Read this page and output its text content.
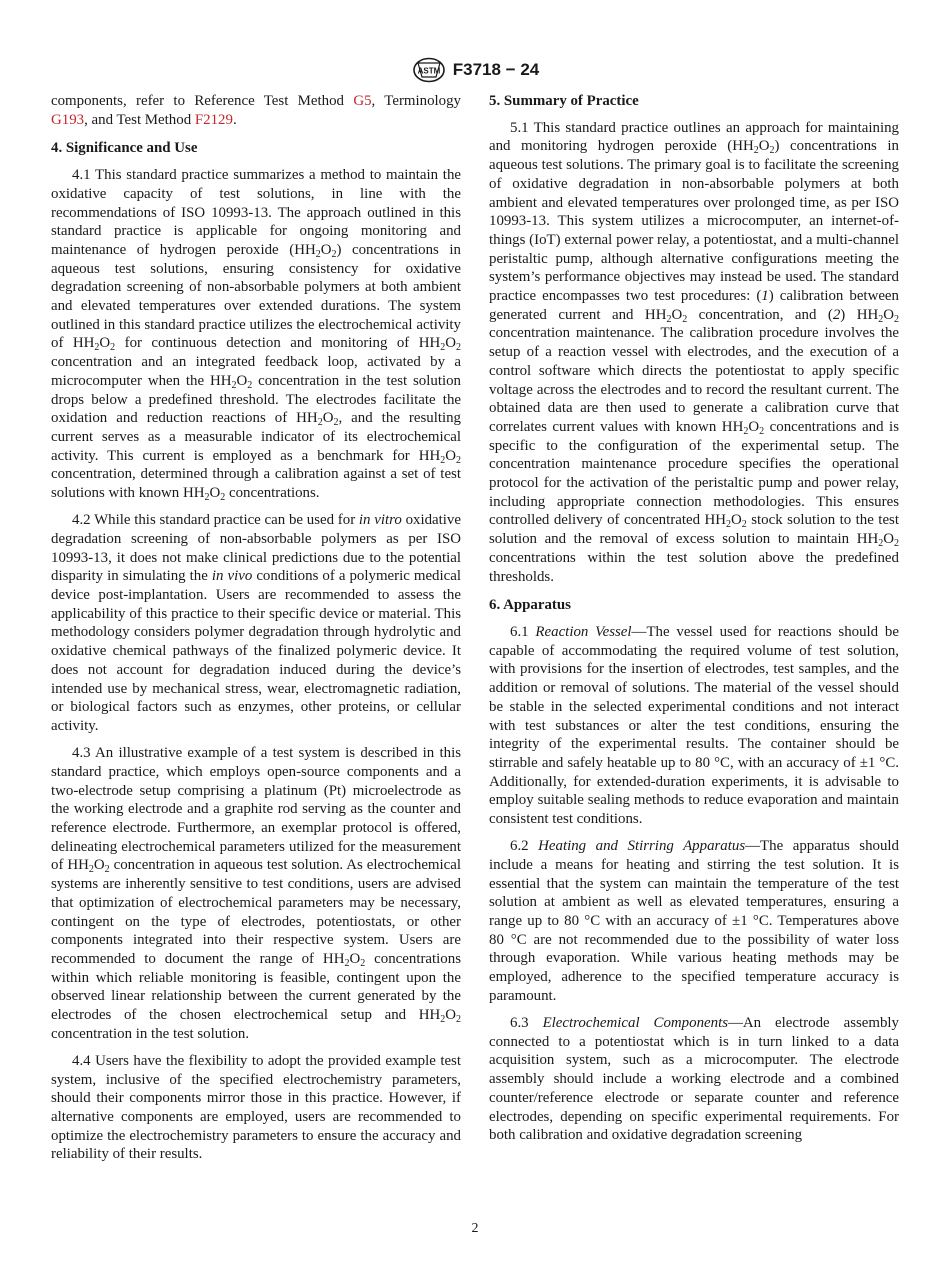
ASTM F3718 − 24

components, refer to Reference Test Method G5, Terminology G193, and Test Method F2129.

4. Significance and Use

4.1 This standard practice summarizes a method to maintain the oxidative capacity of test solutions, in line with the recommendations of ISO 10993-13. The approach outlined in this standard practice is applicable for ongoing monitoring and maintenance of hydrogen peroxide $(HH_2O_2)$ concentrations in aqueous test solutions, ensuring consistency for oxidative degradation screening of non-absorbable polymers at both ambient and elevated temperatures over extended durations. The system outlined in this standard practice utilizes the electrochemical activity of $HH_2O_2$ for continuous detection and monitoring of $HH_2O_2$ concentration and an integrated feedback loop, activated by a microcomputer when the $HH_2O_2$ concentration in the test solution drops below a predefined threshold. The electrodes facilitate the oxidation and reduction reactions of $HH_2O_2$, and the resulting current serves as a measurable indicator of its electrochemical activity. This current is employed as a benchmark for $HH_2O_2$ concentration, determined through a calibration against a set of test solutions with known $HH_2O_2$ concentrations.

4.2 While this standard practice can be used for in vitro oxidative degradation screening of non-absorbable polymers as per ISO 10993-13, it does not make clinical predictions due to the potential disparity in simulating the in vivo conditions of a polymeric medical device post-implantation. Users are recommended to assess the applicability of this practice to their specific device or material. This methodology considers polymer degradation through hydrolytic and oxidative chemical pathways of the finalized polymeric device. It does not account for degradation induced during the device’s intended use by mechanical stress, wear, electromagnetic radiation, or biological factors such as enzymes, other proteins, or cellular activity.

4.3 An illustrative example of a test system is described in this standard practice, which employs open-source components and a two-electrode setup comprising a platinum (Pt) microelectrode as the working electrode and a graphite rod serving as the counter and reference electrode. Furthermore, an exemplar protocol is offered, delineating electrochemical parameters utilized for the measurement of $HH_2O_2$ concentration in aqueous test solution. As electrochemical systems are inherently sensitive to test conditions, users are advised that optimization of electrochemical parameters may be necessary, contingent on the type of electrodes, potentiostats, or other components integrated into their respective system. Users are recommended to document the range of $HH_2O_2$ concentrations within which reliable monitoring is feasible, contingent upon the observed linear relationship between the current generated by the electrodes of the chosen electrochemical setup and $HH_2O_2$ concentration in the test solution.

4.4 Users have the flexibility to adopt the provided example test system, inclusive of the specified electrochemistry parameters, should their components mirror those in this practice. However, if alternative components are employed, users are recommended to optimize the electrochemistry parameters to ensure the accuracy and reliability of their results.

5. Summary of Practice

5.1 This standard practice outlines an approach for maintaining and monitoring hydrogen peroxide $(HH_2O_2)$ concentrations in aqueous test solutions. The primary goal is to facilitate the screening of oxidative degradation in non-absorbable polymers at both ambient and elevated temperatures over prolonged time, as per ISO 10993-13. This system utilizes a microcomputer, an internet-of-things (IoT) external power relay, a potentiostat, and a multi-channel peristaltic pump, although alternative configurations meeting the system’s performance objectives may instead be used. The standard practice encompasses two test procedures: (1) calibration between generated current and $HH_2O_2$ concentration, and (2) $HH_2O_2$ concentration maintenance. The calibration procedure involves the setup of a reaction vessel with electrodes, and the execution of a control software which directs the potentiostat to apply specific voltage across the electrodes and to record the resultant current. The obtained data are then used to generate a calibration curve that correlates current values with known $HH_2O_2$ concentrations and is specific to the configuration of the experimental setup. The concentration maintenance procedure specifies the operational protocol for the activation of the peristaltic pump and power relay, including appropriate connection methodologies. This ensures controlled delivery of concentrated $HH_2O_2$ stock solution to the test solution and the removal of excess solution to maintain $HH_2O_2$ concentrations within the test solution above the predefined thresholds.

6. Apparatus

6.1 Reaction Vessel—The vessel used for reactions should be capable of accommodating the required volume of test solution, with provisions for the insertion of electrodes, test samples, and the addition or removal of solutions. The material of the vessel should be stable in the selected experimental conditions and not interact with test substances or alter the test conditions, ensuring the integrity of the experimental results. The container should be stirrable and safely heatable up to 80 °C, with an accuracy of ±1 °C. Additionally, for extended-duration experiments, it is advisable to employ suitable sealing methods to reduce evaporation and maintain consistent test conditions.

6.2 Heating and Stirring Apparatus—The apparatus should include a means for heating and stirring the test solution. It is essential that the system can maintain the temperature of the test solution at ambient as well as elevated temperatures, ensuring a range up to 80 °C with an accuracy of ±1 °C. Temperatures above 80 °C are not recommended due to the possibility of water loss through evaporation. While various heating methods may be employed, adherence to the specified temperature accuracy is paramount.

6.3 Electrochemical Components—An electrode assembly connected to a potentiostat which is in turn linked to a data acquisition system, such as a microcomputer. The electrode assembly should include a working electrode and a combined counter/reference electrode or separate counter and reference electrodes, depending on specific experimental requirements. For both calibration and oxidative degradation screening

2
